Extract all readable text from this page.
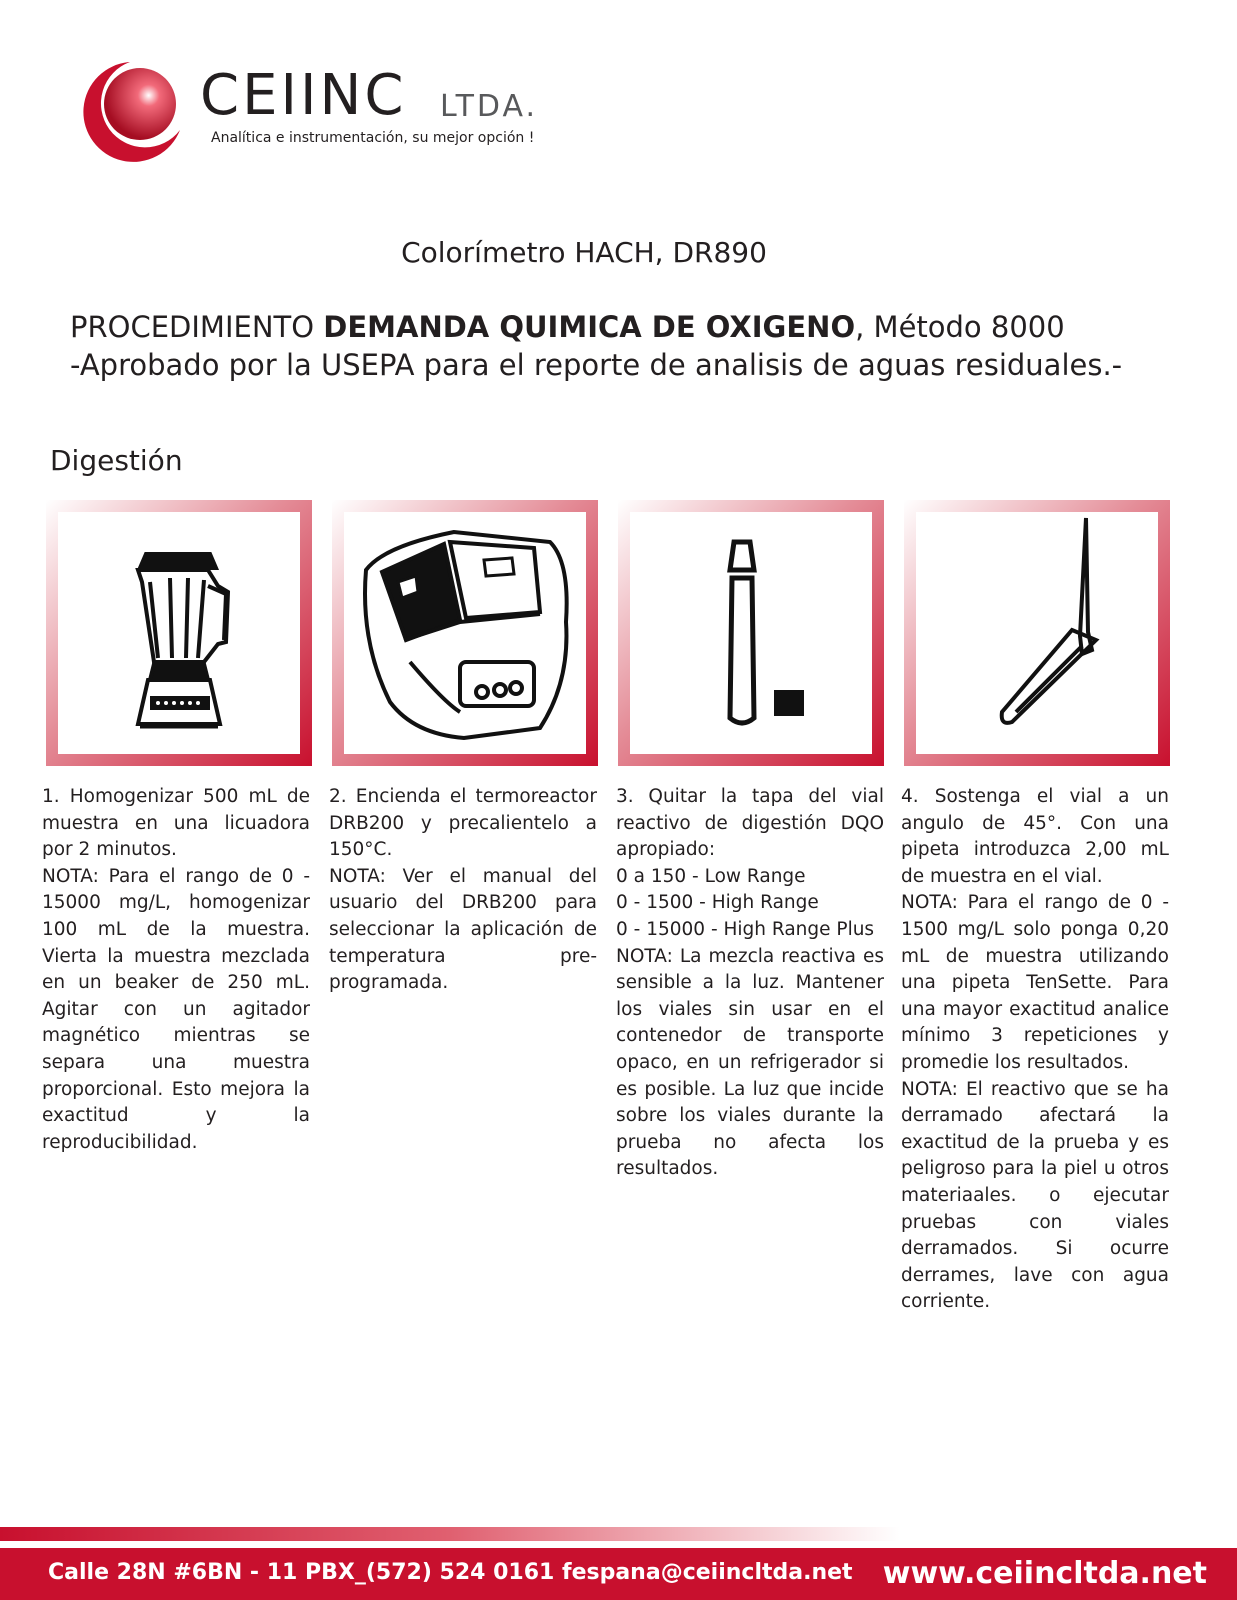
CEIINC LTDA.
Analítica e instrumentación, su mejor opción !
Colorímetro HACH, DR890
PROCEDIMIENTO DEMANDA QUIMICA DE OXIGENO, Método 8000
-Aprobado por la USEPA para el reporte de analisis de aguas residuales.-
Digestión

1. Homogenizar 500 mL de muestra en una licuadora por 2 minutos.

NOTA: Para el rango de 0 - 15000 mg/L, homogenizar 100 mL de la muestra. Vierta la muestra mezclada en un beaker de 250 mL. Agitar con un agitador magnético mientras se separa una muestra proporcional. Esto mejora la exactitud y la reproducibilidad.

2. Encienda el termoreactor DRB200 y precalientelo a 150°C.

NOTA: Ver el manual del usuario del DRB200 para seleccionar la aplicación de temperatura pre-programada.

3. Quitar la tapa del vial reactivo de digestión DQO apropiado:

0 a 150 - Low Range

0 - 1500 - High Range

0 - 15000 - High Range Plus

NOTA: La mezcla reactiva es sensible a la luz. Mantener los viales sin usar en el contenedor de transporte opaco, en un refrigerador si es posible. La luz que incide sobre los viales durante la prueba no afecta los resultados.

4. Sostenga el vial a un angulo de 45°. Con una pipeta introduzca 2,00 mL de muestra en el vial.

NOTA: Para el rango de 0 - 1500 mg/L solo ponga 0,20 mL de muestra utilizando una pipeta TenSette. Para una mayor exactitud analice mínimo 3 repeticiones y promedie los resultados.

NOTA: El reactivo que se ha derramado afectará la exactitud de la prueba y es peligroso para la piel u otros materiaales. o ejecutar pruebas con viales derramados. Si ocurre derrames, lave con agua corriente.

Calle 28N #6BN - 11 PBX_(572) 524 0161 fespana@ceiincltda.net www.ceiincltda.net
